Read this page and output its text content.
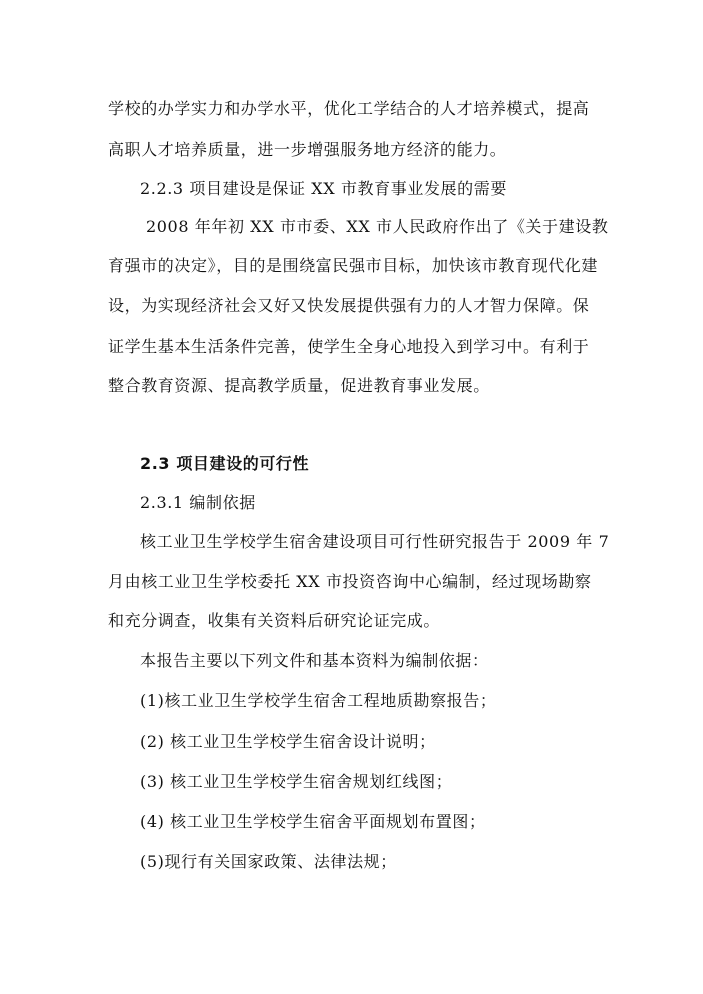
学校的办学实力和办学水平，优化工学结合的人才培养模式，提高
高职人才培养质量，进一步增强服务地方经济的能力。
2.2.3 项目建设是保证 XX 市教育事业发展的需要
2008 年年初 XX 市市委、XX 市人民政府作出了《关于建设教
育强市的决定》，目的是围绕富民强市目标，加快该市教育现代化建
设，为实现经济社会又好又快发展提供强有力的人才智力保障。保
证学生基本生活条件完善，使学生全身心地投入到学习中。有利于
整合教育资源、提高教学质量，促进教育事业发展。
2.3 项目建设的可行性
2.3.1 编制依据
核工业卫生学校学生宿舍建设项目可行性研究报告于 2009 年 7
月由核工业卫生学校委托 XX 市投资咨询中心编制，经过现场勘察
和充分调查，收集有关资料后研究论证完成。
本报告主要以下列文件和基本资料为编制依据：
(1)核工业卫生学校学生宿舍工程地质勘察报告；
(2) 核工业卫生学校学生宿舍设计说明；
(3) 核工业卫生学校学生宿舍规划红线图；
(4) 核工业卫生学校学生宿舍平面规划布置图；
(5)现行有关国家政策、法律法规；
